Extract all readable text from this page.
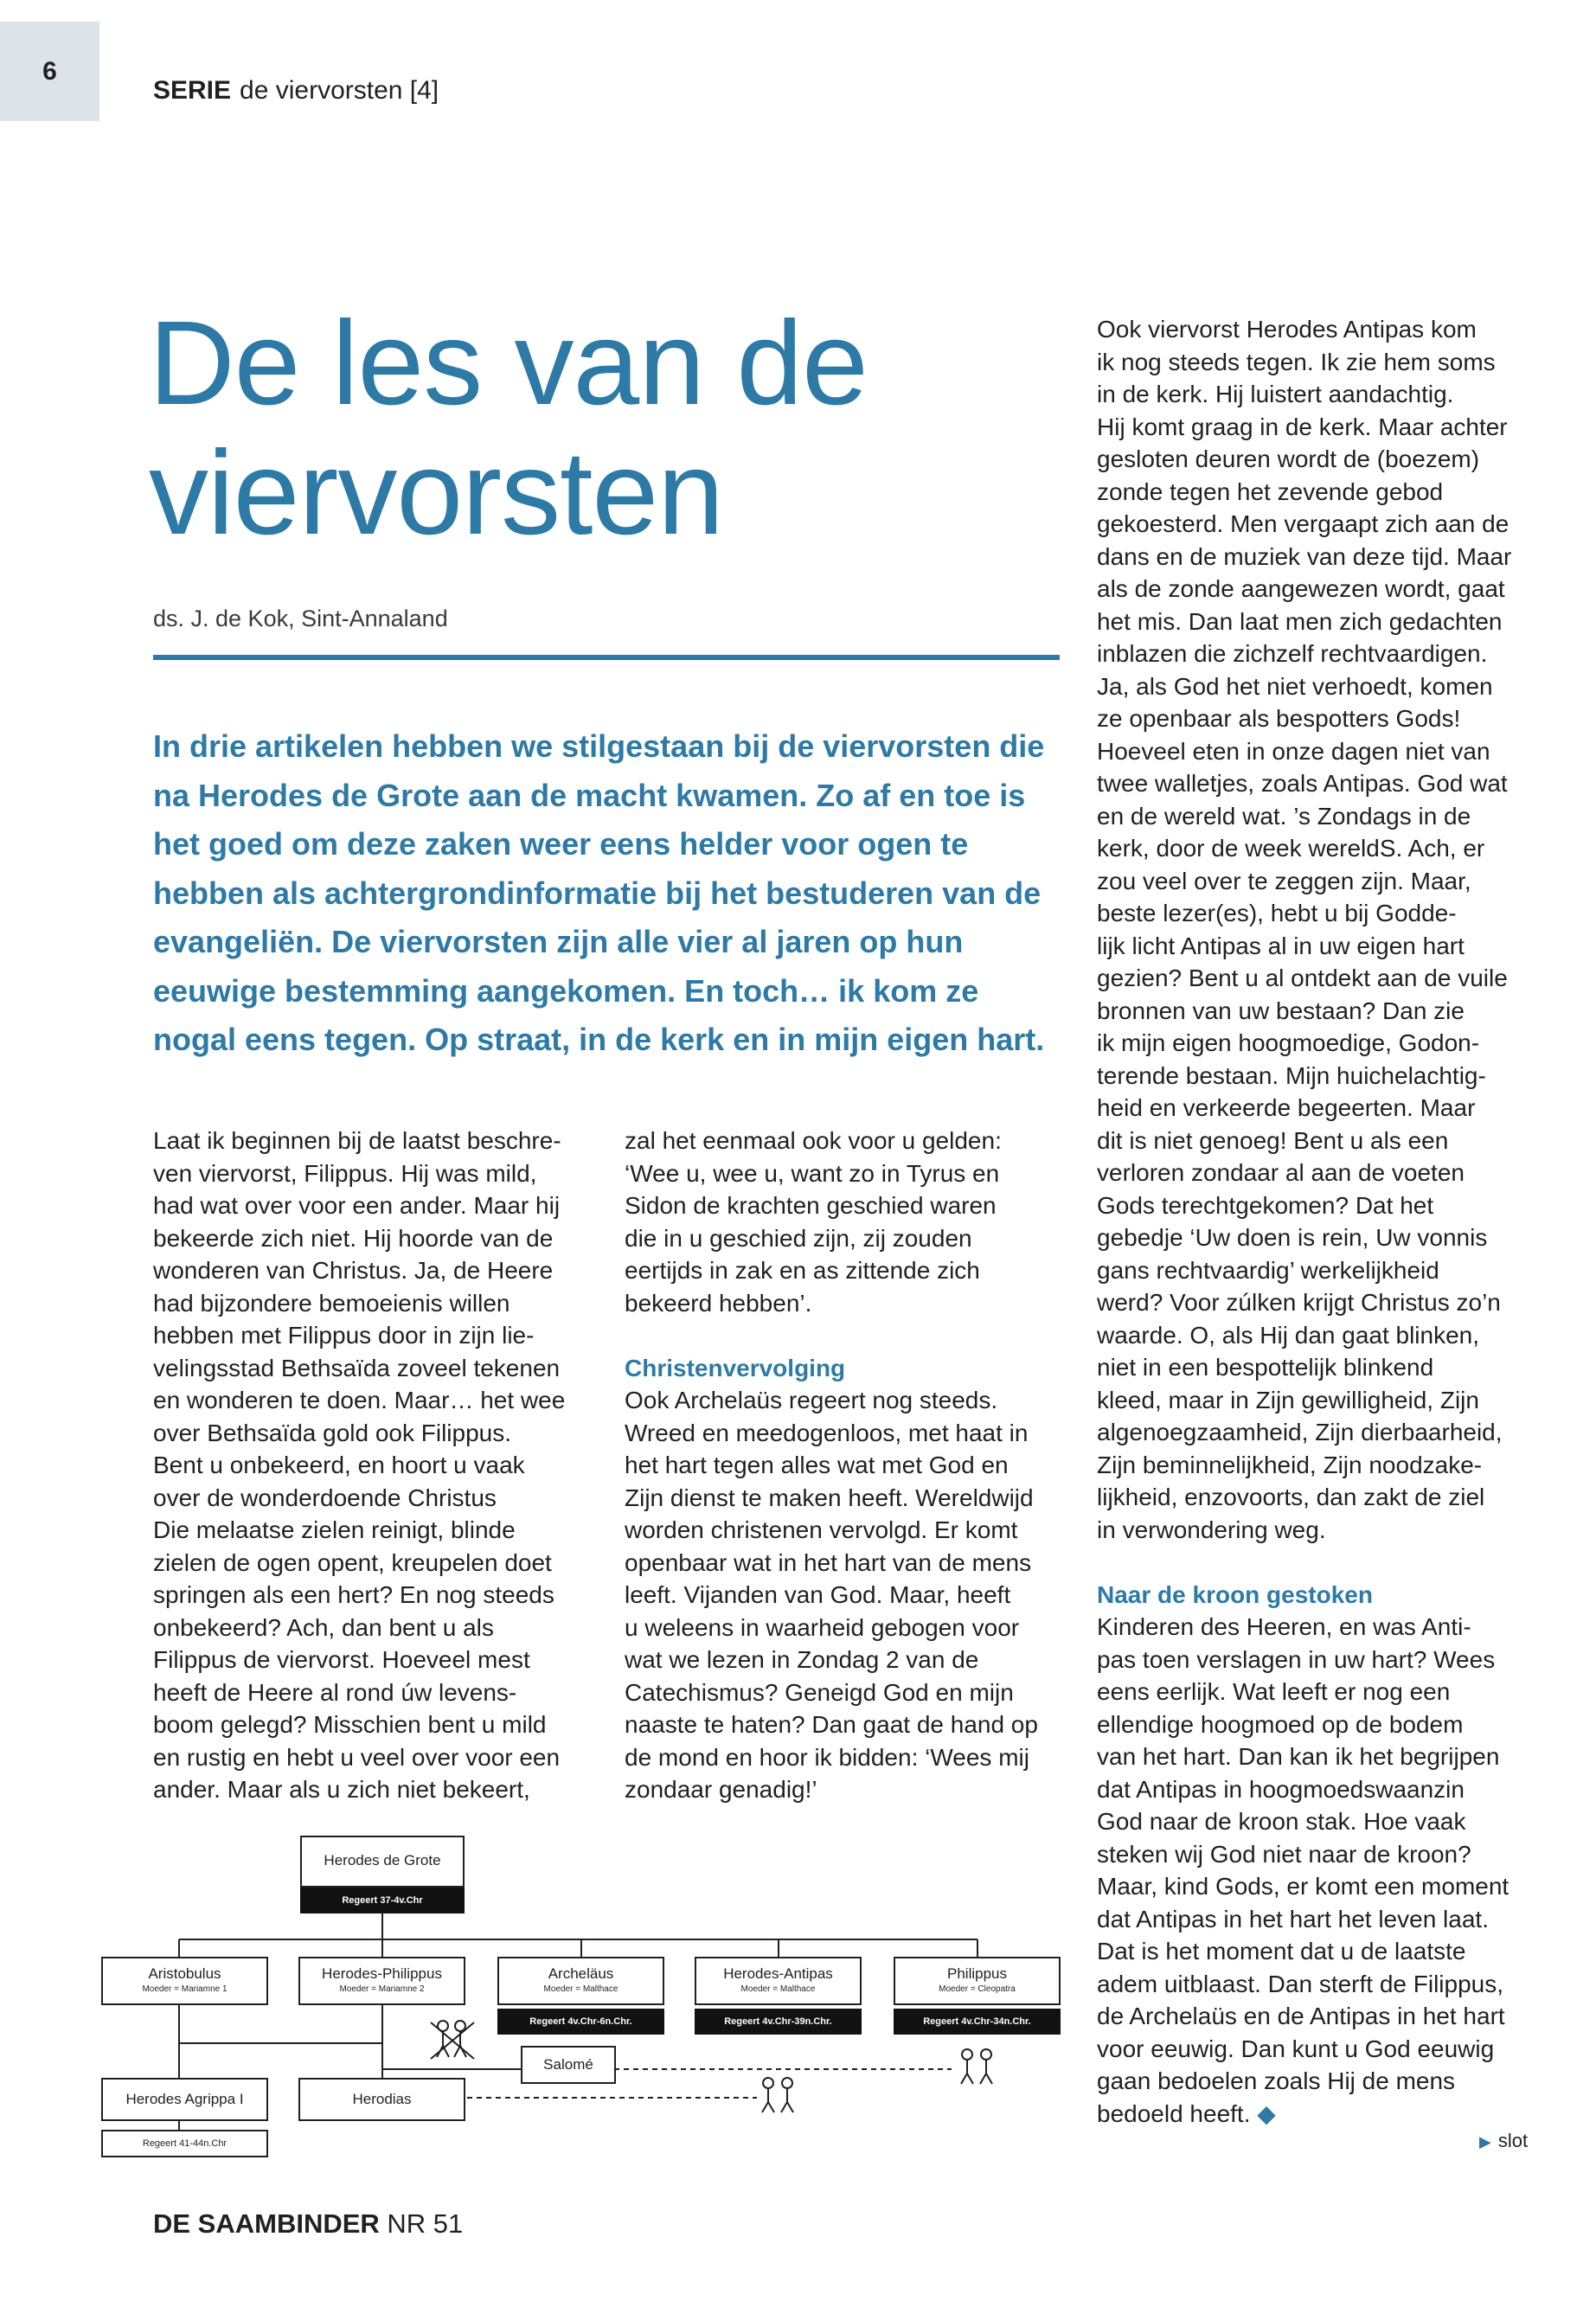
6
SERIE de viervorsten [4]
De les van de viervorsten
ds. J. de Kok, Sint-Annaland

In drie artikelen hebben we stilgestaan bij de viervorsten die na Herodes de Grote aan de macht kwamen. Zo af en toe is het goed om deze zaken weer eens helder voor ogen te hebben als achtergrondinformatie bij het bestuderen van de evangeliën. De viervorsten zijn alle vier al jaren op hun eeuwige bestemming aangekomen. En toch… ik kom ze nogal eens tegen. Op straat, in de kerk en in mijn eigen hart.

Laat ik beginnen bij de laatst beschre-
ven viervorst, Filippus. Hij was mild,
had wat over voor een ander. Maar hij
bekeerde zich niet. Hij hoorde van de
wonderen van Christus. Ja, de Heere
had bijzondere bemoeienis willen
hebben met Filippus door in zijn lie-
velingsstad Bethsaïda zoveel tekenen
en wonderen te doen. Maar… het wee
over Bethsaïda gold ook Filippus.
Bent u onbekeerd, en hoort u vaak
over de wonderdoende Christus
Die melaatse zielen reinigt, blinde
zielen de ogen opent, kreupelen doet
springen als een hert? En nog steeds
onbekeerd? Ach, dan bent u als
Filippus de viervorst. Hoeveel mest
heeft de Heere al rond úw levens-
boom gelegd? Misschien bent u mild
en rustig en hebt u veel over voor een
ander. Maar als u zich niet bekeert,

zal het eenmaal ook voor u gelden:
‘Wee u, wee u, want zo in Tyrus en
Sidon de krachten geschied waren
die in u geschied zijn, zij zouden
eertijds in zak en as zittende zich
bekeerd hebben’.

Christenvervolging
Ook Archelaüs regeert nog steeds.
Wreed en meedogenloos, met haat in
het hart tegen alles wat met God en
Zijn dienst te maken heeft. Wereldwijd
worden christenen vervolgd. Er komt
openbaar wat in het hart van de mens
leeft. Vijanden van God. Maar, heeft
u weleens in waarheid gebogen voor
wat we lezen in Zondag 2 van de
Catechismus? Geneigd God en mijn
naaste te haten? Dan gaat de hand op
de mond en hoor ik bidden: ‘Wees mij
zondaar genadig!’
Ook viervorst Herodes Antipas kom
ik nog steeds tegen. Ik zie hem soms
in de kerk. Hij luistert aandachtig.
Hij komt graag in de kerk. Maar achter
gesloten deuren wordt de (boezem)
zonde tegen het zevende gebod
gekoesterd. Men vergaapt zich aan de
dans en de muziek van deze tijd. Maar
als de zonde aangewezen wordt, gaat
het mis. Dan laat men zich gedachten
inblazen die zichzelf rechtvaardigen.
Ja, als God het niet verhoedt, komen
ze openbaar als bespotters Gods!
Hoeveel eten in onze dagen niet van
twee walletjes, zoals Antipas. God wat
en de wereld wat. ’s Zondags in de
kerk, door de week wereldS. Ach, er
zou veel over te zeggen zijn. Maar,
beste lezer(es), hebt u bij Godde-
lijk licht Antipas al in uw eigen hart
gezien? Bent u al ontdekt aan de vuile
bronnen van uw bestaan? Dan zie
ik mijn eigen hoogmoedige, Godon-
terende bestaan. Mijn huichelachtig-
heid en verkeerde begeerten. Maar
dit is niet genoeg! Bent u als een
verloren zondaar al aan de voeten
Gods terechtgekomen? Dat het
gebedje ‘Uw doen is rein, Uw vonnis
gans rechtvaardig’ werkelijkheid
werd? Voor zúlken krijgt Christus zo’n
waarde. O, als Hij dan gaat blinken,
niet in een bespottelijk blinkend
kleed, maar in Zijn gewilligheid, Zijn
algenoegzaamheid, Zijn dierbaarheid,
Zijn beminnelijkheid, Zijn noodzake-
lijkheid, enzovoorts, dan zakt de ziel
in verwondering weg.

Naar de kroon gestoken
Kinderen des Heeren, en was Anti-
pas toen verslagen in uw hart? Wees
eens eerlijk. Wat leeft er nog een
ellendige hoogmoed op de bodem
van het hart. Dan kan ik het begrijpen
dat Antipas in hoogmoedswaanzin
God naar de kroon stak. Hoe vaak
steken wij God niet naar de kroon?
Maar, kind Gods, er komt een moment
dat Antipas in het hart het leven laat.
Dat is het moment dat u de laatste
adem uitblaast. Dan sterft de Filippus,
de Archelaüs en de Antipas in het hart
voor eeuwig. Dan kunt u God eeuwig
gaan bedoelen zoals Hij de mens
bedoeld heeft. ◆
▶ slot
Herodes de Grote
Regeert 37-4v.Chr
Aristobulus
Moeder = Mariamne 1
Herodes-Philippus
Moeder = Mariamne 2
Archeläus
Moeder = Malthace
Regeert 4v.Chr-6n.Chr.
Herodes-Antipas
Moeder = Malthace
Regeert 4v.Chr-39n.Chr.
Philippus
Moeder = Cleopatra
Regeert 4v.Chr-34n.Chr.
Herodes Agrippa I
Regeert 41-44n.Chr
Herodias
Salomé
DE SAAMBINDER NR 51
